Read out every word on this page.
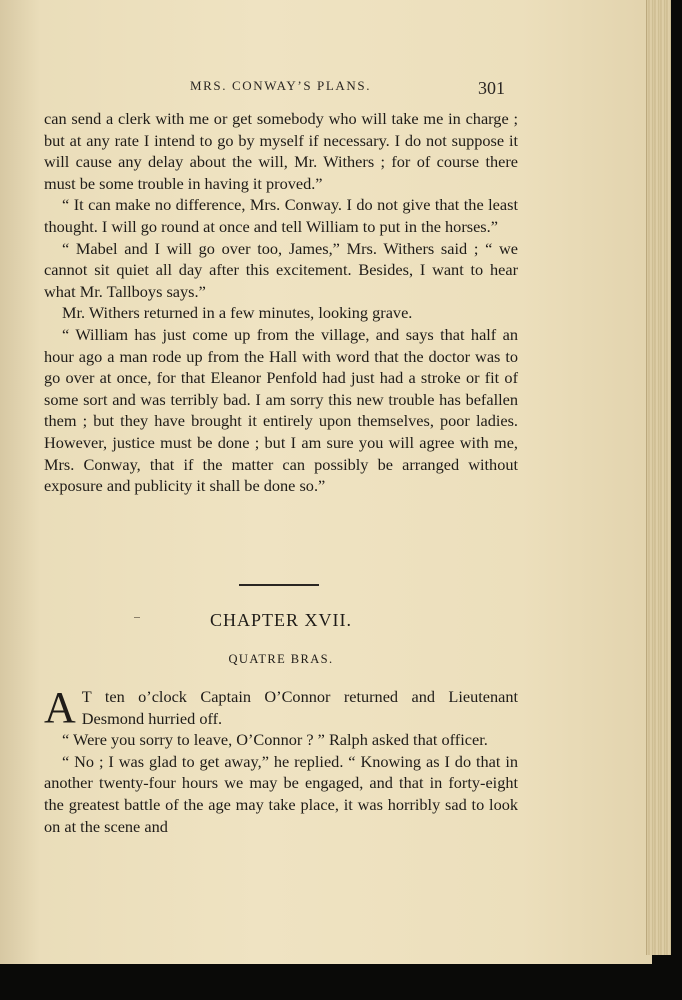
MRS. CONWAY’S PLANS.	301

can send a clerk with me or get somebody who will take me in charge ; but at any rate I intend to go by myself if necessary. I do not suppose it will cause any delay about the will, Mr. Withers ; for of course there must be some trouble in having it proved.”

“ It can make no difference, Mrs. Conway. I do not give that the least thought. I will go round at once and tell William to put in the horses.”

“ Mabel and I will go over too, James,” Mrs. Withers said ; “ we cannot sit quiet all day after this excitement. Besides, I want to hear what Mr. Tallboys says.”

Mr. Withers returned in a few minutes, looking grave.

“ William has just come up from the village, and says that half an hour ago a man rode up from the Hall with word that the doctor was to go over at once, for that Eleanor Penfold had just had a stroke or fit of some sort and was terribly bad. I am sorry this new trouble has befallen them ; but they have brought it entirely upon themselves, poor ladies. However, justice must be done ; but I am sure you will agree with me, Mrs. Conway, that if the matter can possibly be arranged without exposure and publicity it shall be done so.”

CHAPTER XVII.
QUATRE BRAS.

A T ten o’clock Captain O’Connor returned and Lieutenant Desmond hurried off.

“ Were you sorry to leave, O’Connor ? ” Ralph asked that officer.

“ No ; I was glad to get away,” he replied. “ Knowing as I do that in another twenty-four hours we may be engaged, and that in forty-eight the greatest battle of the age may take place, it was horribly sad to look on at the scene and
